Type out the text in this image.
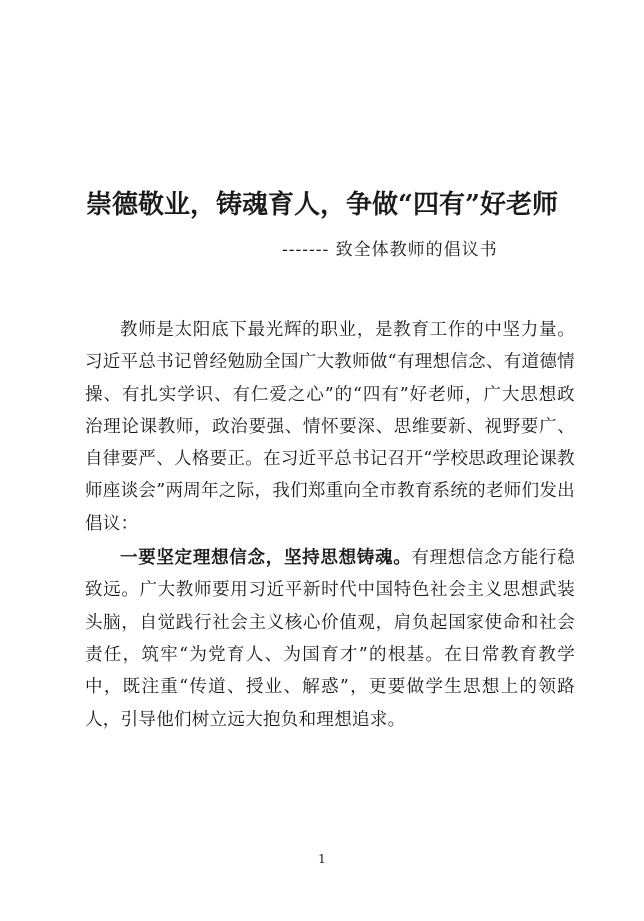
崇德敬业，铸魂育人，争做“四有”好老师
------- 致全体教师的倡议书

教师是太阳底下最光辉的职业，是教育工作的中坚力量。习近平总书记曾经勉励全国广大教师做“有理想信念、有道德情操、有扎实学识、有仁爱之心”的“四有”好老师，广大思想政治理论课教师，政治要强、情怀要深、思维要新、视野要广、自律要严、人格要正。在习近平总书记召开“学校思政理论课教师座谈会”两周年之际，我们郑重向全市教育系统的老师们发出倡议：

一要坚定理想信念，坚持思想铸魂。有理想信念方能行稳致远。广大教师要用习近平新时代中国特色社会主义思想武装头脑，自觉践行社会主义核心价值观，肩负起国家使命和社会责任，筑牢“为党育人、为国育才”的根基。在日常教育教学中，既注重“传道、授业、解惑”，更要做学生思想上的领路人，引导他们树立远大抱负和理想追求。

1
